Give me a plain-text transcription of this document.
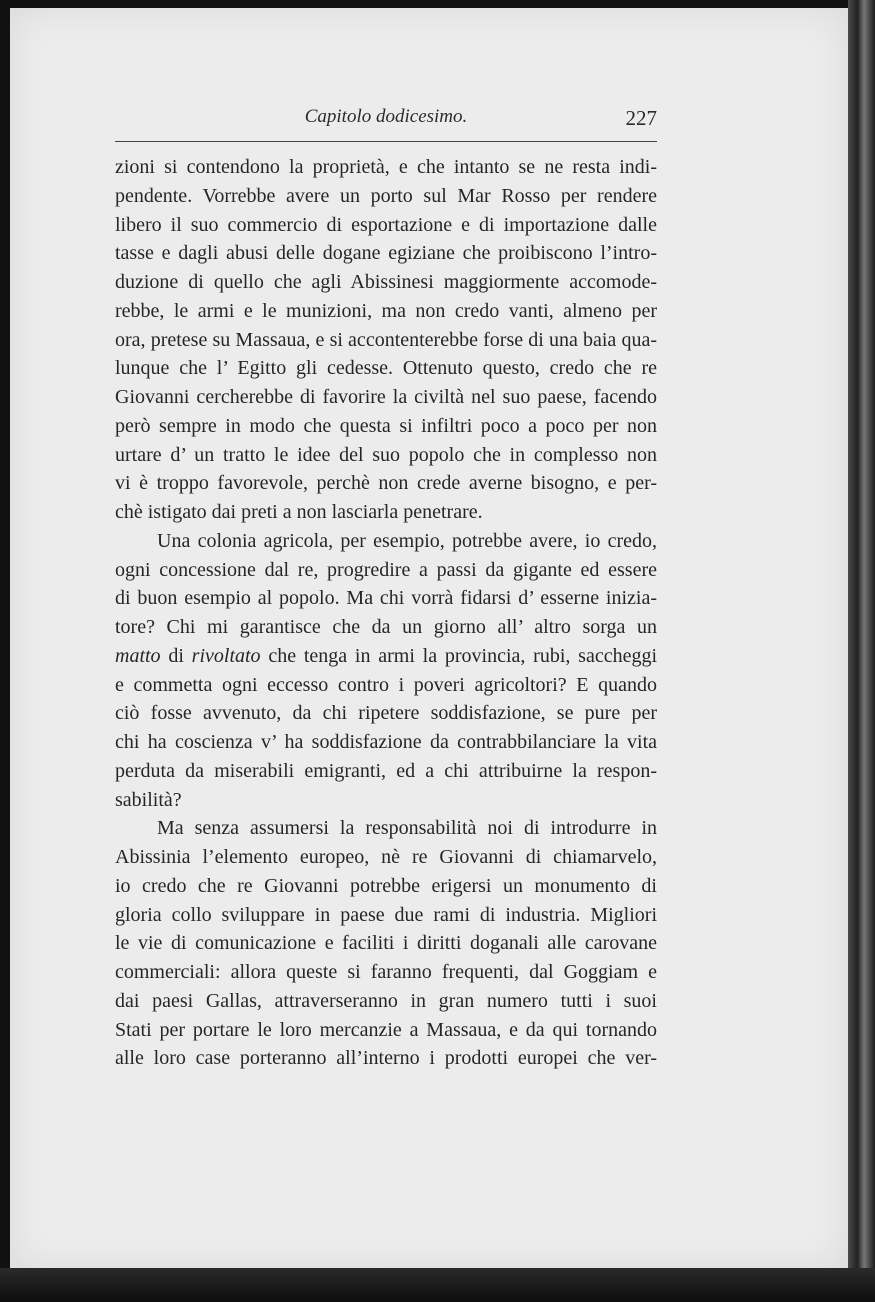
Capitolo dodicesimo.	227
zioni si contendono la proprietà, e che intanto se ne resta indi-
pendente. Vorrebbe avere un porto sul Mar Rosso per rendere
libero il suo commercio di esportazione e di importazione dalle
tasse e dagli abusi delle dogane egiziane che proibiscono l’intro-
duzione di quello che agli Abissinesi maggiormente accomode-
rebbe, le armi e le munizioni, ma non credo vanti, almeno per
ora, pretese su Massaua, e si accontenterebbe forse di una baia qua-
lunque che l’ Egitto gli cedesse. Ottenuto questo, credo che re
Giovanni cercherebbe di favorire la civiltà nel suo paese, facendo
però sempre in modo che questa si infiltri poco a poco per non
urtare d’ un tratto le idee del suo popolo che in complesso non
vi è troppo favorevole, perchè non crede averne bisogno, e per-
chè istigato dai preti a non lasciarla penetrare.
Una colonia agricola, per esempio, potrebbe avere, io credo,
ogni concessione dal re, progredire a passi da gigante ed essere
di buon esempio al popolo. Ma chi vorrà fidarsi d’ esserne inizia-
tore? Chi mi garantisce che da un giorno all’ altro sorga un
matto di rivoltato che tenga in armi la provincia, rubi, saccheggi
e commetta ogni eccesso contro i poveri agricoltori? E quando
ciò fosse avvenuto, da chi ripetere soddisfazione, se pure per
chi ha coscienza v’ ha soddisfazione da contrabbilanciare la vita
perduta da miserabili emigranti, ed a chi attribuirne la respon-
sabilità?
Ma senza assumersi la responsabilità noi di introdurre in
Abissinia l’elemento europeo, nè re Giovanni di chiamarvelo,
io credo che re Giovanni potrebbe erigersi un monumento di
gloria collo sviluppare in paese due rami di industria. Migliori
le vie di comunicazione e faciliti i diritti doganali alle carovane
commerciali: allora queste si faranno frequenti, dal Goggiam e
dai paesi Gallas, attraverseranno in gran numero tutti i suoi
Stati per portare le loro mercanzie a Massaua, e da qui tornando
alle loro case porteranno all’interno i prodotti europei che ver-
